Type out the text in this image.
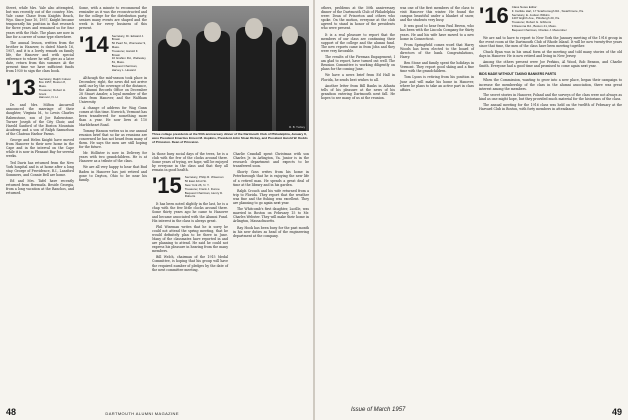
Street, while Mrs. Yale also attempted, but was recently out of the country. Mrs. Yale came Chase from Knights Beach, Wyo. Since June 10, 1957, Knight became temporarily his position in that research for three years and remained so for four years with the Hale. The plans are now in line for a career of some type elsewhere.

The annual lesson, written from the brother in Hanover, is dated March 16, 1957, and it is a lovely remark on family life, the Hanover and with special reference to where he will give as a later date, return from this summer. At the present time we have sufficient funds from 1930 to sign the class book.

'13 Secretary, Ralph Colson
Box 1957, Boston 8, Mass.
Treasurer, Robert H. Grant
Hanover, N. H.

Dr. and Mrs. Milton Ancarroll announced the marriage of their daughter, Virginia M., to Lewis Charles Rabenstone, son of Joe Rabenstone. Turner Joseph of the City Choir, and Harold Sanford of the Boston Mountain Academy and a son of Ralph Samuelson of the Chateau Harbor Farms.

George and Helen Knight have moved from Hanover to their new home in the Cape and in the interval on the Cape while it is now in Pleasant Bay for several weeks.

Ted Davis has returned from the New York hospital and is at home after a long stay. George of Providence, R.I., Lansford Sommers, and Connie Bell are home.

Ed and Mrs. Tafel have recently returned from Bermuda. Beside Georgia, from a long vacation at the Ranchos, and returned.

Some, with a minute to recommend the reminder as it was the reconstructed and for the college for the distribution party, seniors many events are shaped and the week is for every business of this present.

'14 Secretary, Dr. Edward J. Brown
50 Pearl St., Worcester 9, Mass.
Treasurer, Harold F. Brown
10 Grafton Rd., Wellesley 81, Mass.
Bequest Chairman, Harvey L. Howard

Although the mid-season took place in December, right, the news did not arrive until our by the coverage of the distance, the Alumni Records Office on December 28 Stuart Amsler, a loyal member of the class from Hanover, and the Waltham University.

A change of address for Wag Gunn comes at this time. Norwich, Vermont has been transferred for something more than a year. He now lives at 110 Marbleheart Road.

Tommy Hanson writes us in our annual reunion brief that so far as reunions are concerned he has not heard from many of them. He says the men are still hoping for the future.

Mr. Hollister is now in Delivery for years with two grandchildren. He is at Hanover as a tribute of the class.

We are all very happy to hear that Bud Baden in Hanover has just retired and gone to Dayton, Ohio to be near his family.

R. B. Tuckey
Three college presidents at the 50th anniversary dinner of the Dartmouth Club of Philadelphia, January 8, were President Emeritus Ernest M. Hopkins, President John Sloan Dickey, and President Harold W. Dodds of Princeton. Dean of Princeton.

In those busy social days of the trees, he is a club with the few of the clocks around there. Some years of trying, we hope, will be enjoyed by everyone in the class and that they all remain in good health.

'15 Secretary, Philip R. Wiseman
50 East 42nd St.
New York 26, N. Y.
Treasurer, Frank J. Dunne
Bequest Chairman, Henry D. Roberts

It has been noted slightly in the last, he is a chap with the few little clocks around there. Some thirty years ago he came to Hanover and became associated with the Alumni Fund. His interest in the class is always great.

Phil Wiseman writes that he is sorry he could not attend the spring meeting, that he would definitely plan to be there in June. Many of the classmates have reported in and are planning to attend. He said he could not express his pleasure in hearing from the many members.

Bill Welch, chairman of the 1915 Medal Committee, is hoping that his group will have the required number of pledges by the date of the next committee meeting.

Charlie Crandall spent Christmas with son Charles Jr. in Arlington, Va. Junior is in the research department and expects to be transferred soon.

Shorty Goss writes from his home in Peterborough that he is enjoying the new life of a retired man. He spends a great deal of time at the library and in his garden.

Ralph Crouch and his wife returned from a trip to Florida. They report that the weather was fine and the fishing was excellent. They are planning to go again next year.

The Whitcomb's first daughter, Lucille, was married in Boston on February 15 to Mr. Charles Webster. They will make their home in Arlington, Massachusetts.

Ray Hook has been busy for the past month in his new duties as head of the engineering department at the company.

48	DARTMOUTH ALUMNI MAGAZINE

others, problems at the 50th anniversary dinner of the Dartmouth Club of Philadelphia were: Dean of Princeton and others who spoke. On the motion, everyone at the club agreed to stand in honor of the presidents who were present.

It is a real pleasure to report that the members of our class are continuing their support of the college and the alumni fund. The new reports came in from John and they were very favorable.

The results of the Fireman Engagement, I am glad to report, have turned out well. The Reunion Committee is working diligently on plans for the coming June.

We have a news brief from Ed Hall in Florida, he sends best wishes to all.

Another letter from Bill Banks in Atlanta tells of his pleasure at the news of his grandson entering Dartmouth next fall. He hopes to see many of us at the reunion.

was one of the first members of the class to visit Hanover this winter. He found the campus beautiful under a blanket of snow, and the students very busy.

It was good to hear from Paul Brown, who has been with the Lincoln Company for thirty years. He and his wife have moved to a new home in Connecticut.

From Springfield comes word that Harry Woods has been elected to the board of directors of the bank. Congratulations, Harry.

Ben Stone and family spent the holidays in Vermont. They report good skiing and a fine time with the grandchildren.

Tom Lyons is retiring from his position in June and will make his home in Hanover, where he plans to take an active part in class affairs.

'16 Class Notes Editor:
F. Carlisle Hart, 17 Scarborough Rd., Swarthmore, Pa.
Secretary, E. Judson Wilkins
1407 Eighth Ave., Pittsburgh 20, Pa.
Treasurer, Robert G. Gibbons
9 Ravenna Rd., Boston 41, Mass.
Bequest Chairman, Charles J. Macomber

We are sad to have to report to New York the January meeting of the 1916 group in the event room at the Dartmouth Club of Rhode Island. It will be now twenty-five years since that time, the men of the class have been meeting together.

Chuck Ryan was in his usual form at the meeting and told many stories of the old days in Hanover. He is now retired and living in New Jersey.

Among the others present were Joe Perkins, Al Wood, Rob Benson, and Charlie Smith. Everyone had a good time and promised to come again next year.

BIDS MADE WITHOUT TAKING BANKERS PARTS

When the Commission, wanting to grow into a new place, began their campaign to increase the membership of the class in the alumni association, there was great interest among the members.

The secret stories in Hanover, Poland and the surveys of the class were not always as kind as one might hope, but they provided much material for the historians of the class.

The annual meeting for the 1916 class was held on the twelfth of February at the Harvard Club in Boston, with forty members in attendance.

Issue of March 1957	49
